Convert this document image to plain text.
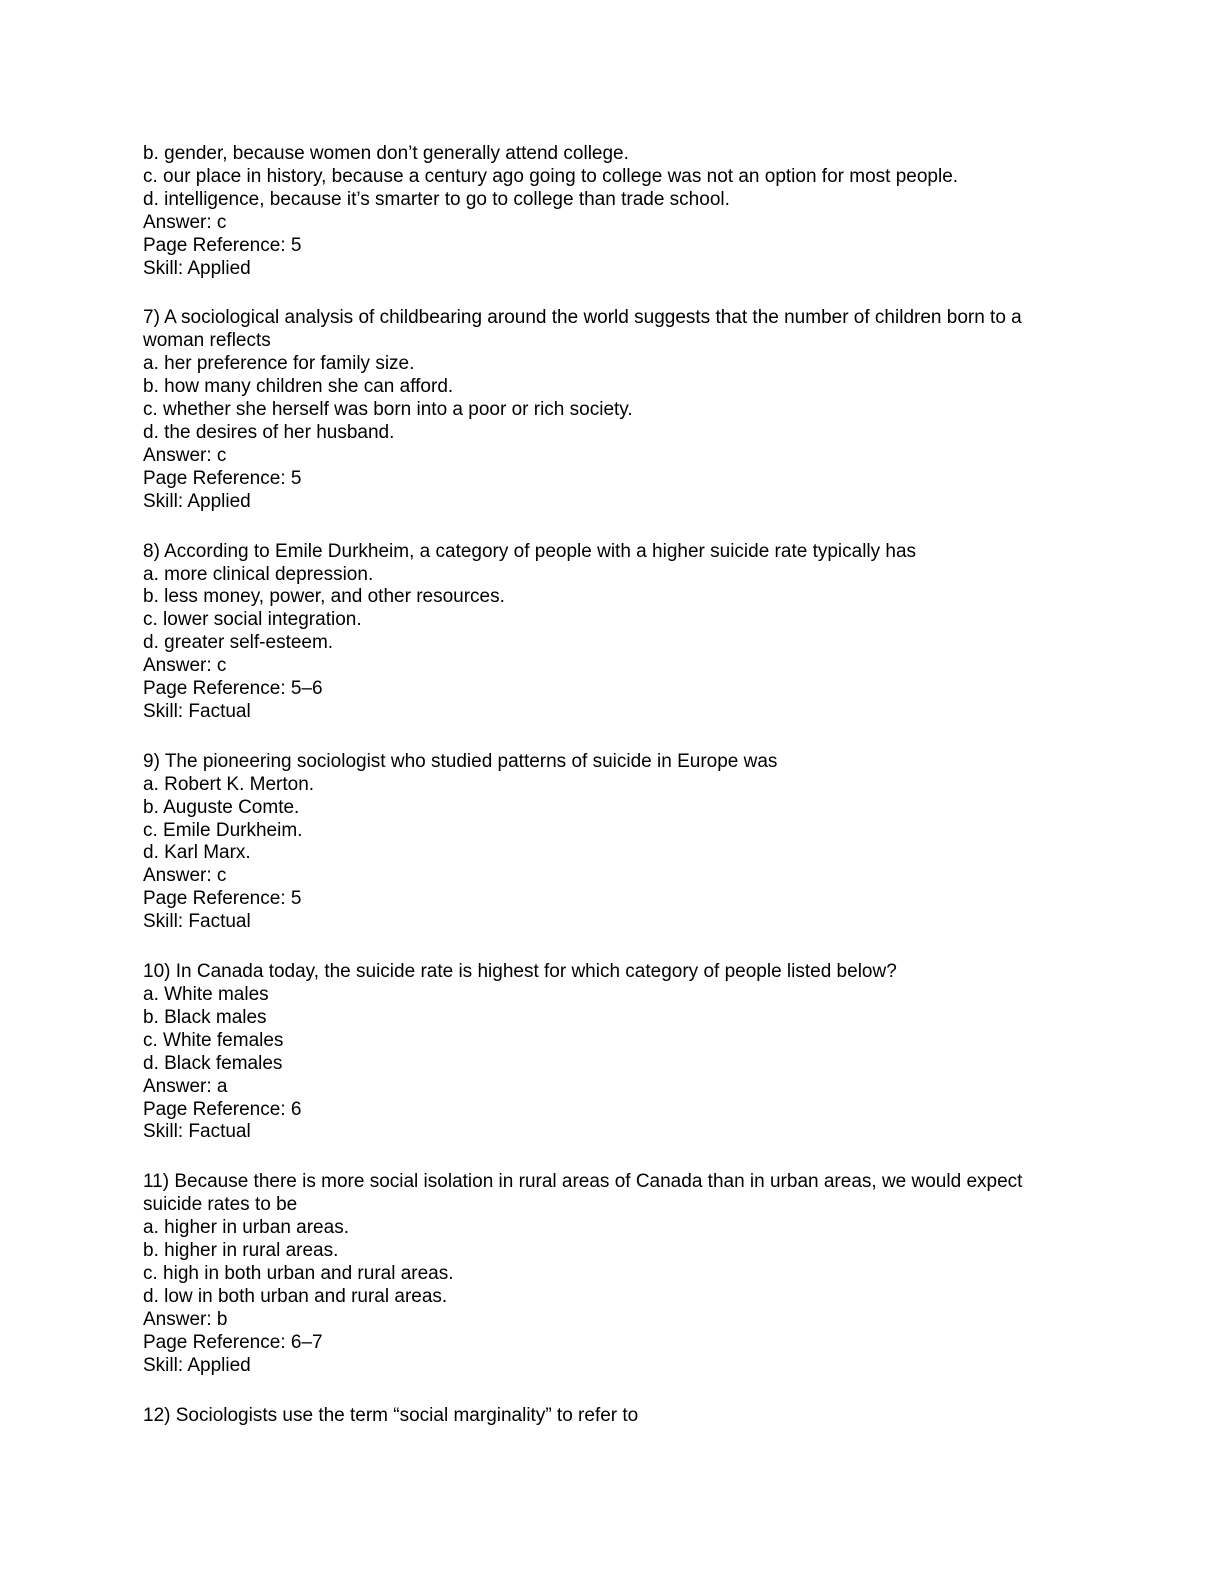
b. gender, because women don’t generally attend college.
c. our place in history, because a century ago going to college was not an option for most people.
d. intelligence, because it’s smarter to go to college than trade school.
Answer: c
Page Reference: 5
Skill: Applied
7) A sociological analysis of childbearing around the world suggests that the number of children born to a
woman reflects
a. her preference for family size.
b. how many children she can afford.
c. whether she herself was born into a poor or rich society.
d. the desires of her husband.
Answer: c
Page Reference: 5
Skill: Applied
8) According to Emile Durkheim, a category of people with a higher suicide rate typically has
a. more clinical depression.
b. less money, power, and other resources.
c. lower social integration.
d. greater self-esteem.
Answer: c
Page Reference: 5–6
Skill: Factual
9) The pioneering sociologist who studied patterns of suicide in Europe was
a. Robert K. Merton.
b. Auguste Comte.
c. Emile Durkheim.
d. Karl Marx.
Answer: c
Page Reference: 5
Skill: Factual
10) In Canada today, the suicide rate is highest for which category of people listed below?
a. White males
b. Black males
c. White females
d. Black females
Answer: a
Page Reference: 6
Skill: Factual
11) Because there is more social isolation in rural areas of Canada than in urban areas, we would expect
suicide rates to be
a. higher in urban areas.
b. higher in rural areas.
c. high in both urban and rural areas.
d. low in both urban and rural areas.
Answer: b
Page Reference: 6–7
Skill: Applied
12) Sociologists use the term “social marginality” to refer to
